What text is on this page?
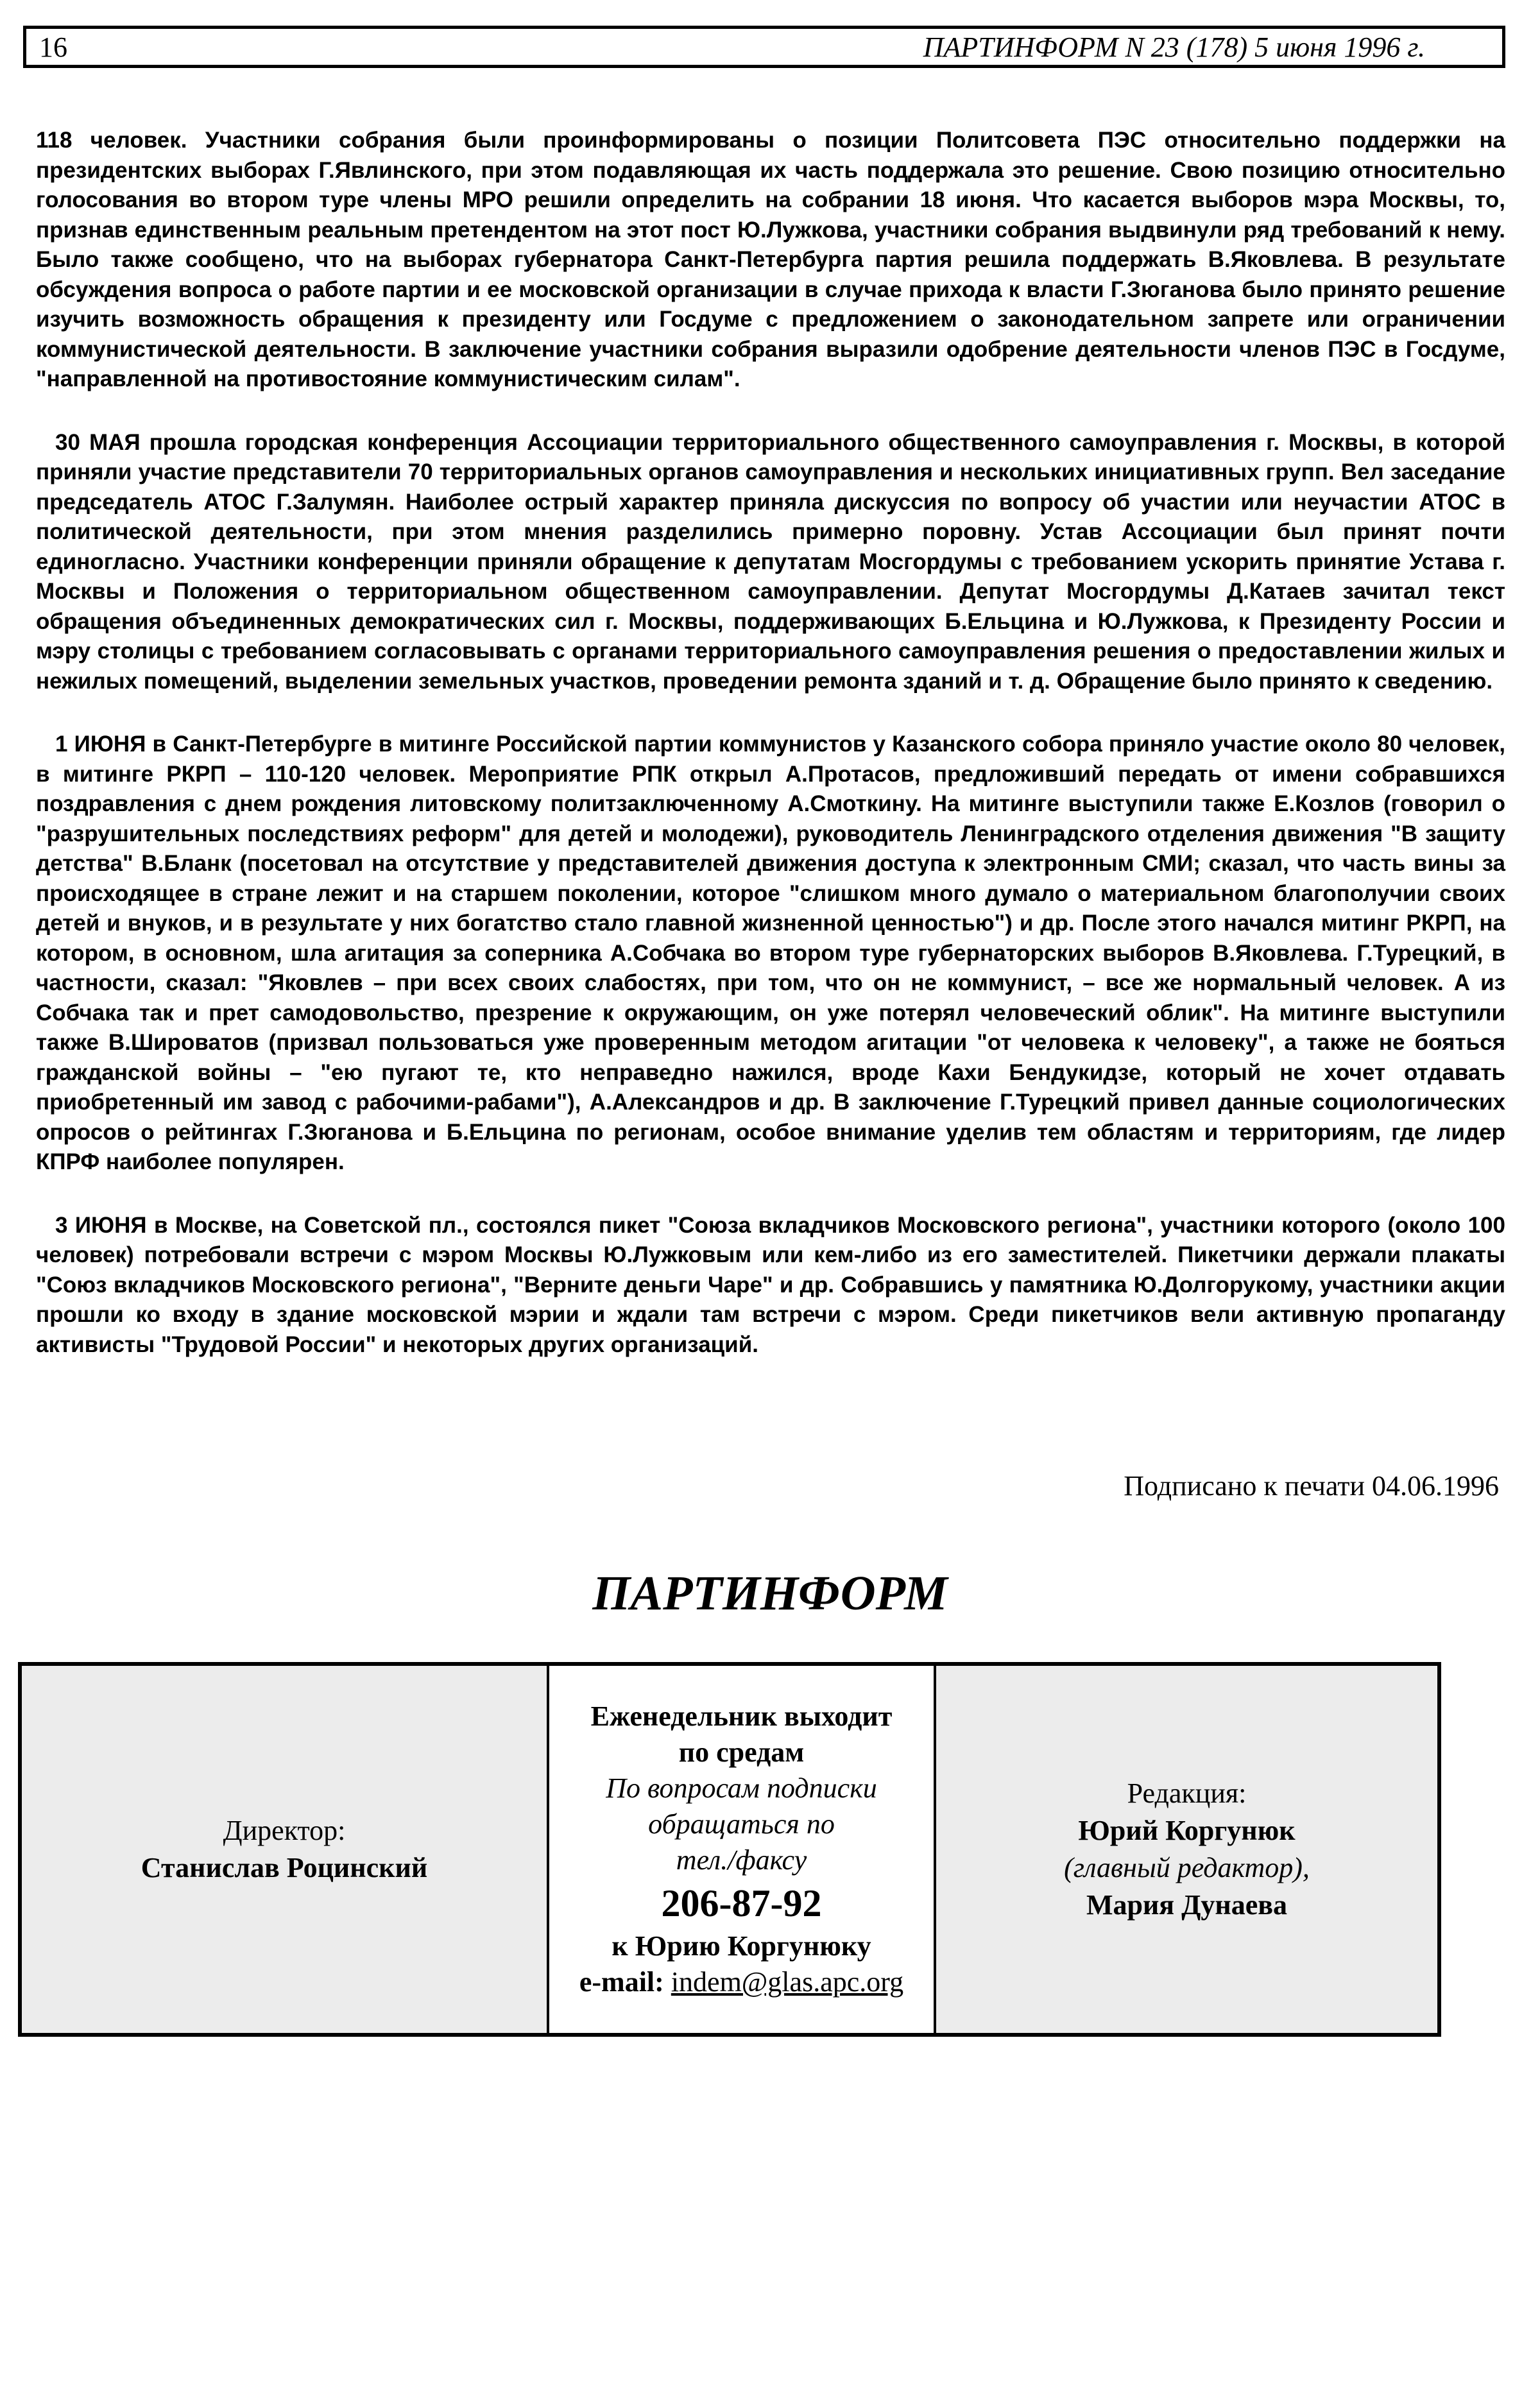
16	ПАРТИНФОРМ N 23 (178) 5 июня 1996 г.

118 человек. Участники собрания были проинформированы о позиции Политсовета ПЭС относительно поддержки на президентских выборах Г.Явлинского, при этом подавляющая их часть поддержала это решение. Свою позицию относительно голосования во втором туре члены МРО решили определить на собрании 18 июня. Что касается выборов мэра Москвы, то, признав единственным реальным претендентом на этот пост Ю.Лужкова, участники собрания выдвинули ряд требований к нему. Было также сообщено, что на выборах губернатора Санкт-Петербурга партия решила поддержать В.Яковлева. В результате обсуждения вопроса о работе партии и ее московской организации в случае прихода к власти Г.Зюганова было принято решение изучить возможность обращения к президенту или Госдуме с предложением о законодательном запрете или ограничении коммунистической деятельности. В заключение участники собрания выразили одобрение деятельности членов ПЭС в Госдуме, "направленной на противостояние коммунистическим силам".

30 МАЯ прошла городская конференция Ассоциации территориального общественного самоуправления г. Москвы, в которой приняли участие представители 70 территориальных органов самоуправления и нескольких инициативных групп. Вел заседание председатель АТОС Г.Залумян. Наиболее острый характер приняла дискуссия по вопросу об участии или неучастии АТОС в политической деятельности, при этом мнения разделились примерно поровну. Устав Ассоциации был принят почти единогласно. Участники конференции приняли обращение к депутатам Мосгордумы с требованием ускорить принятие Устава г. Москвы и Положения о территориальном общественном самоуправлении. Депутат Мосгордумы Д.Катаев зачитал текст обращения объединенных демократических сил г. Москвы, поддерживающих Б.Ельцина и Ю.Лужкова, к Президенту России и мэру столицы с требованием согласовывать с органами территориального самоуправления решения о предоставлении жилых и нежилых помещений, выделении земельных участков, проведении ремонта зданий и т. д. Обращение было принято к сведению.

1 ИЮНЯ в Санкт-Петербурге в митинге Российской партии коммунистов у Казанского собора приняло участие около 80 человек, в митинге РКРП – 110-120 человек. Мероприятие РПК открыл А.Протасов, предложивший передать от имени собравшихся поздравления с днем рождения литовскому политзаключенному А.Смоткину. На митинге выступили также Е.Козлов (говорил о "разрушительных последствиях реформ" для детей и молодежи), руководитель Ленинградского отделения движения "В защиту детства" В.Бланк (посетовал на отсутствие у представителей движения доступа к электронным СМИ; сказал, что часть вины за происходящее в стране лежит и на старшем поколении, которое "слишком много думало о материальном благополучии своих детей и внуков, и в результате у них богатство стало главной жизненной ценностью") и др. После этого начался митинг РКРП, на котором, в основном, шла агитация за соперника А.Собчака во втором туре губернаторских выборов В.Яковлева. Г.Турецкий, в частности, сказал: "Яковлев – при всех своих слабостях, при том, что он не коммунист, – все же нормальный человек. А из Собчака так и прет самодовольство, презрение к окружающим, он уже потерял человеческий облик". На митинге выступили также В.Широватов (призвал пользоваться уже проверенным методом агитации "от человека к человеку", а также не бояться гражданской войны – "ею пугают те, кто неправедно нажился, вроде Кахи Бендукидзе, который не хочет отдавать приобретенный им завод с рабочими-рабами"), А.Александров и др. В заключение Г.Турецкий привел данные социологических опросов о рейтингах Г.Зюганова и Б.Ельцина по регионам, особое внимание уделив тем областям и территориям, где лидер КПРФ наиболее популярен.

3 ИЮНЯ в Москве, на Советской пл., состоялся пикет "Союза вкладчиков Московского региона", участники которого (около 100 человек) потребовали встречи с мэром Москвы Ю.Лужковым или кем-либо из его заместителей. Пикетчики держали плакаты "Союз вкладчиков Московского региона", "Верните деньги Чаре" и др. Собравшись у памятника Ю.Долгорукому, участники акции прошли ко входу в здание московской мэрии и ждали там встречи с мэром. Среди пикетчиков вели активную пропаганду активисты "Трудовой России" и некоторых других организаций.

Подписано к печати 04.06.1996
ПАРТИНФОРМ
Директор:
Станислав Роцинский
Еженедельник выходит
по средам
По вопросам подписки
обращаться по
тел./факсу
206-87-92
к Юрию Коргунюку
e-mail: indem@glas.apc.org
Редакция:
Юрий Коргунюк
(главный редактор),
Мария Дунаева
